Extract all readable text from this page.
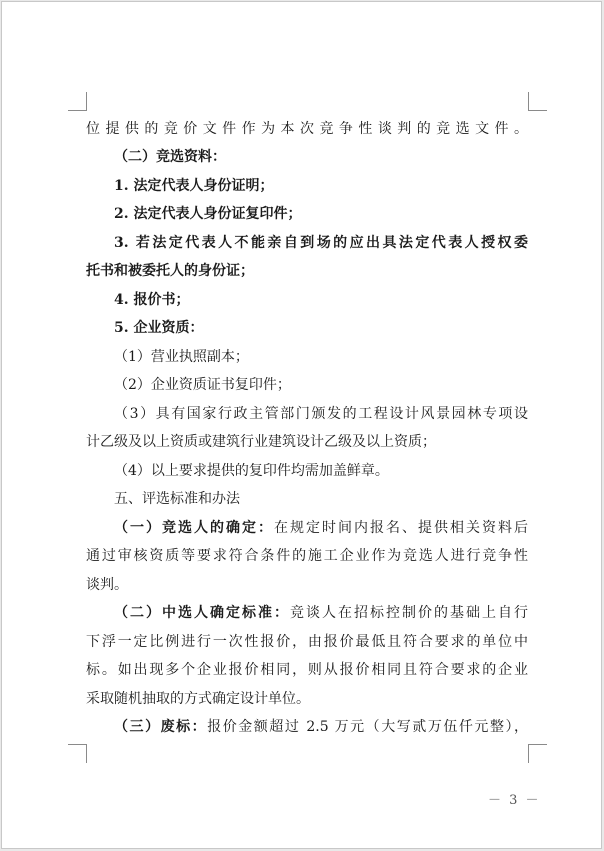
位提供的竞价文件作为本次竞争性谈判的竞选文件。
（二）竞选资料：
1. 法定代表人身份证明；
2. 法定代表人身份证复印件；
3. 若法定代表人不能亲自到场的应出具法定代表人授权委
托书和被委托人的身份证；
4. 报价书；
5. 企业资质：
（1）营业执照副本；
（2）企业资质证书复印件；
（3）具有国家行政主管部门颁发的工程设计风景园林专项设
计乙级及以上资质或建筑行业建筑设计乙级及以上资质；
（4）以上要求提供的复印件均需加盖鲜章。
五、评选标准和办法
（一）竞选人的确定：在规定时间内报名、提供相关资料后
通过审核资质等要求符合条件的施工企业作为竞选人进行竞争性
谈判。
（二）中选人确定标准：竞谈人在招标控制价的基础上自行
下浮一定比例进行一次性报价，由报价最低且符合要求的单位中
标。如出现多个企业报价相同，则从报价相同且符合要求的企业
采取随机抽取的方式确定设计单位。
（三）废标：报价金额超过 2.5 万元（大写贰万伍仟元整），
－ 3 －
